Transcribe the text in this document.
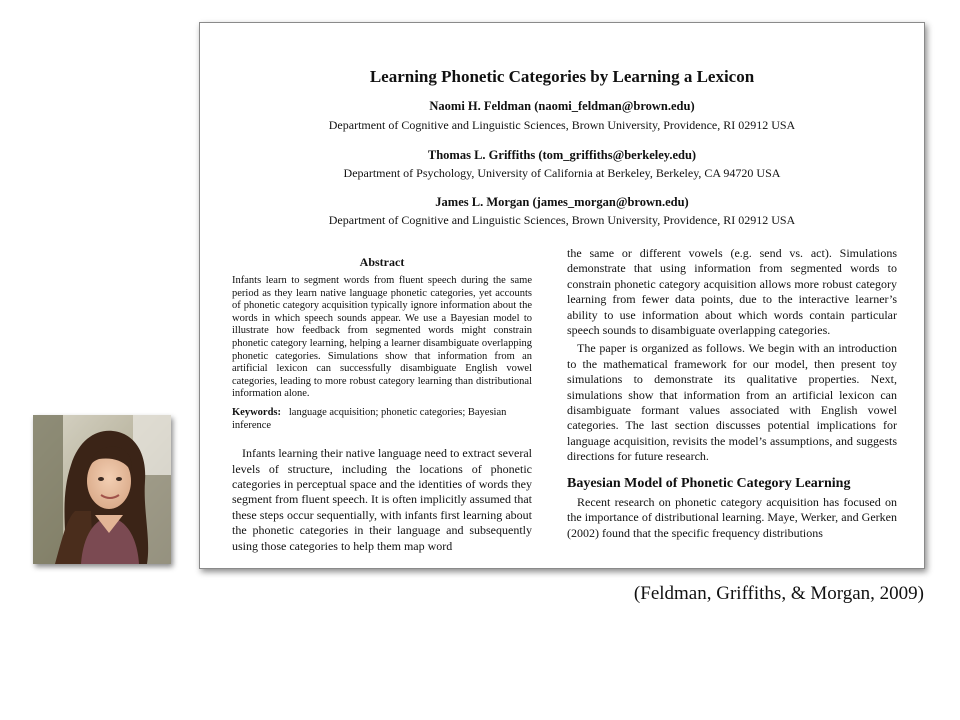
Learning Phonetic Categories by Learning a Lexicon
Naomi H. Feldman (naomi_feldman@brown.edu)
Department of Cognitive and Linguistic Sciences, Brown University, Providence, RI 02912 USA
Thomas L. Griffiths (tom_griffiths@berkeley.edu)
Department of Psychology, University of California at Berkeley, Berkeley, CA 94720 USA
James L. Morgan (james_morgan@brown.edu)
Department of Cognitive and Linguistic Sciences, Brown University, Providence, RI 02912 USA
Abstract

Infants learn to segment words from fluent speech during the same period as they learn native language phonetic categories, yet accounts of phonetic category acquisition typically ignore information about the words in which speech sounds appear. We use a Bayesian model to illustrate how feedback from segmented words might constrain phonetic category learning, helping a learner disambiguate overlapping phonetic categories. Simulations show that information from an artificial lexicon can successfully disambiguate English vowel categories, leading to more robust category learning than distributional information alone.

Keywords: language acquisition; phonetic categories; Bayesian inference

Infants learning their native language need to extract several levels of structure, including the locations of phonetic categories in perceptual space and the identities of words they segment from fluent speech. It is often implicitly assumed that these steps occur sequentially, with infants first learning about the phonetic categories in their language and subsequently using those categories to help them map word

the same or different vowels (e.g. send vs. act). Simulations demonstrate that using information from segmented words to constrain phonetic category acquisition allows more robust category learning from fewer data points, due to the interactive learner’s ability to use information about which words contain particular speech sounds to disambiguate overlapping categories.

The paper is organized as follows. We begin with an introduction to the mathematical framework for our model, then present toy simulations to demonstrate its qualitative properties. Next, simulations show that information from an artificial lexicon can disambiguate formant values associated with English vowel categories. The last section discusses potential implications for language acquisition, revisits the model’s assumptions, and suggests directions for future research.

Bayesian Model of Phonetic Category Learning

Recent research on phonetic category acquisition has focused on the importance of distributional learning. Maye, Werker, and Gerken (2002) found that the specific frequency distributions

(Feldman, Griffiths, & Morgan, 2009)
